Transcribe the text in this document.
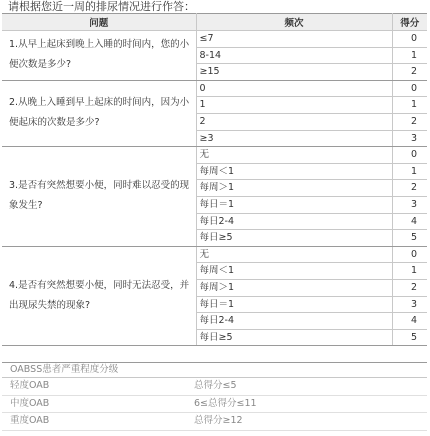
请根据您近一周的排尿情况进行作答：
问题	频次	得分
1.从早上起床到晚上入睡的时间内，您的小便次数是多少?	≤7	0
	8-14	1
	≥15	2
2.从晚上入睡到早上起床的时间内，因为小便起床的次数是多少?	0	0
	1	1
	2	2
	≥3	3
3.是否有突然想要小便，同时难以忍受的现象发生?	无	0
	每周＜1	1
	每周＞1	2
	每日＝1	3
	每日2-4	4
	每日≥5	5
4.是否有突然想要小便，同时无法忍受，并出现尿失禁的现象?	无	0
	每周＜1	1
	每周＞1	2
	每日＝1	3
	每日2-4	4
	每日≥5	5
OABSS患者严重程度分级
轻度OAB	总得分≤5
中度OAB	6≤总得分≤11
重度OAB	总得分≥12
